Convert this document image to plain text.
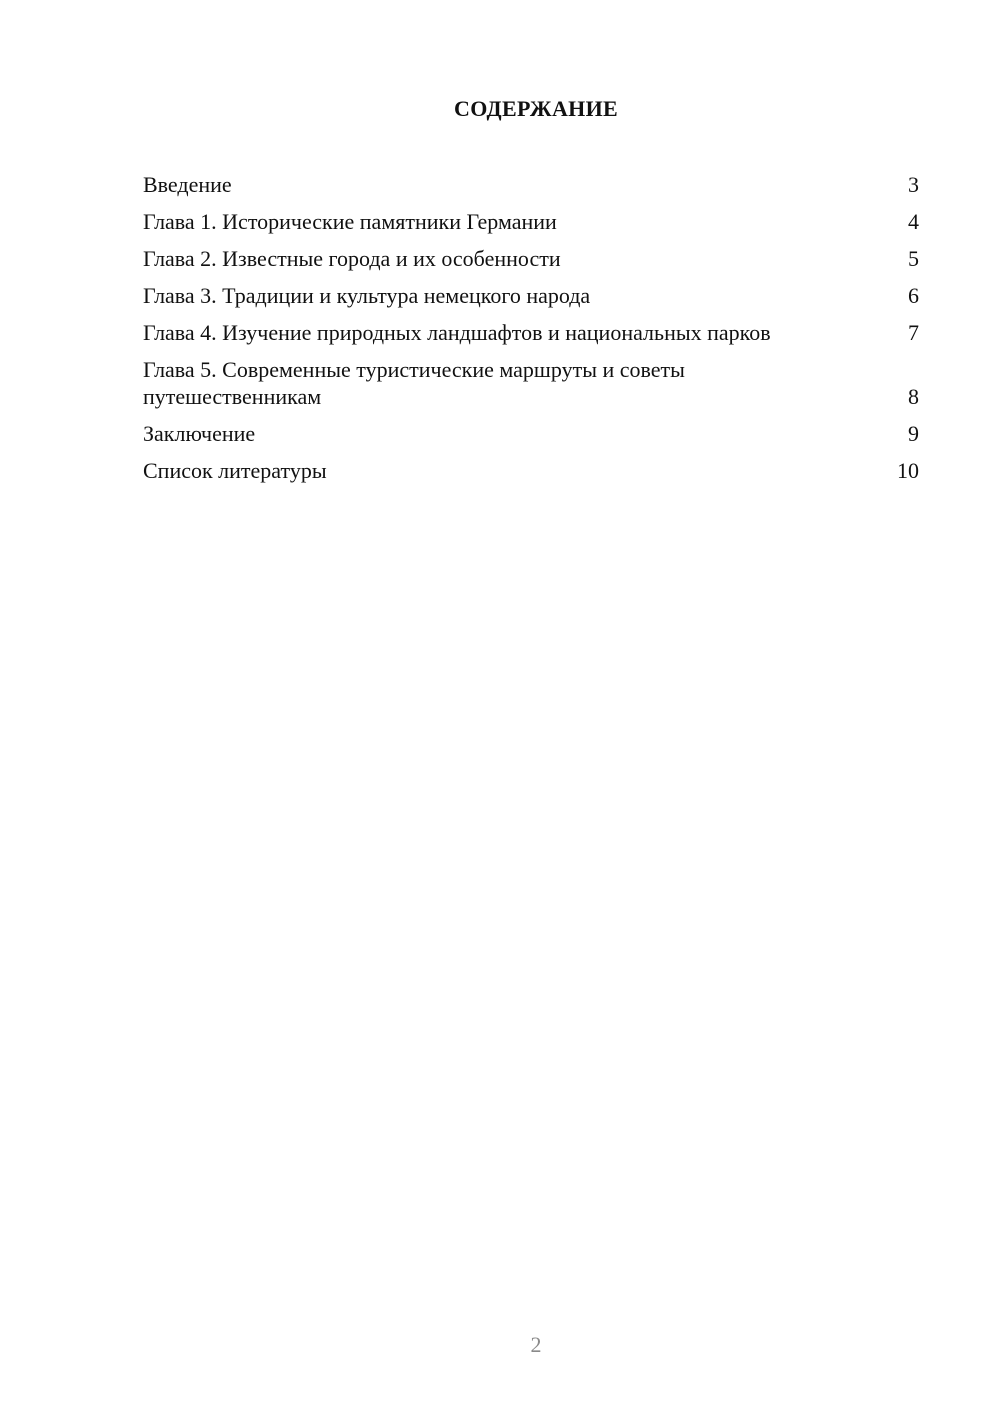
СОДЕРЖАНИЕ
Введение	3
Глава 1. Исторические памятники Германии	4
Глава 2. Известные города и их особенности	5
Глава 3. Традиции и культура немецкого народа	6
Глава 4. Изучение природных ландшафтов и национальных парков	7
Глава 5. Современные туристические маршруты и советы путешественникам	8
Заключение	9
Список литературы	10
2
